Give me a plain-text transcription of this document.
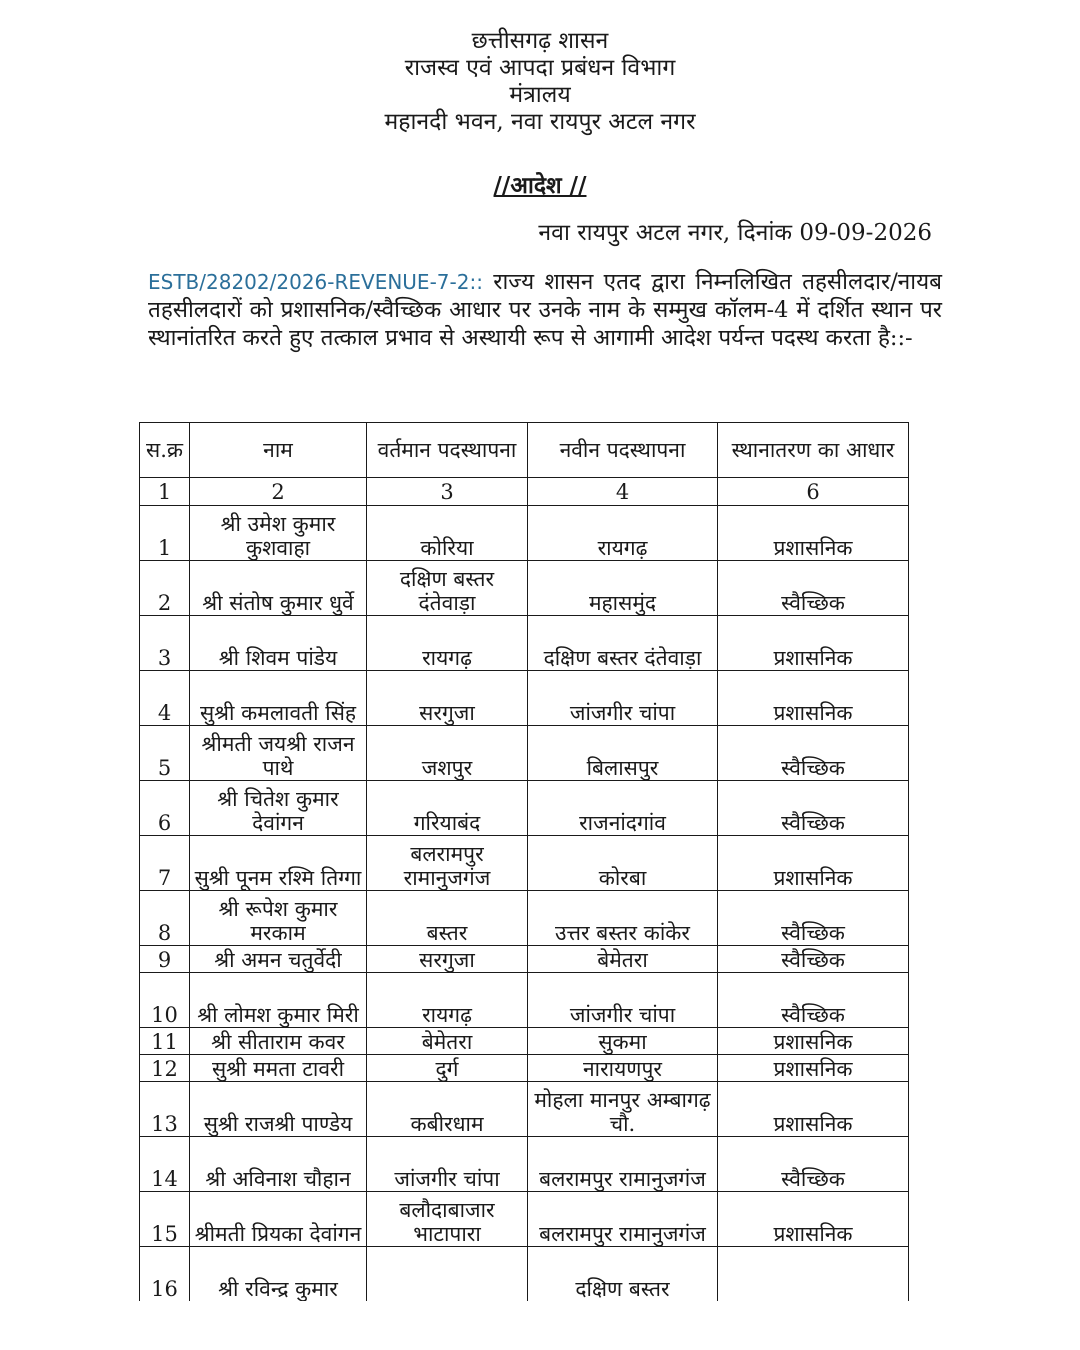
छत्तीसगढ़ शासन
राजस्व एवं आपदा प्रबंधन विभाग
मंत्रालय
महानदी भवन, नवा रायपुर अटल नगर
//आदेश //
नवा रायपुर अटल नगर, दिनांक 09-09-2026
ESTB/28202/2026-REVENUE-7-2:: राज्य शासन एतद द्वारा निम्नलिखित तहसीलदार/नायब तहसीलदारों को प्रशासनिक/स्वैच्छिक आधार पर उनके नाम के सम्मुख कॉलम-4 में दर्शित स्थान पर स्थानांतरित करते हुए तत्काल प्रभाव से अस्थायी रूप से आगामी आदेश पर्यन्त पदस्थ करता है::-
स.क्र	नाम	वर्तमान पदस्थापना	नवीन पदस्थापना	स्थानातरण का आधार
1	2	3	4	6
1	श्री उमेश कुमार कुशवाहा	कोरिया	रायगढ़	प्रशासनिक
2	श्री संतोष कुमार धुर्वे	दक्षिण बस्तर दंतेवाड़ा	महासमुंद	स्वैच्छिक
3	श्री शिवम पांडेय	रायगढ़	दक्षिण बस्तर दंतेवाड़ा	प्रशासनिक
4	सुश्री कमलावती सिंह	सरगुजा	जांजगीर चांपा	प्रशासनिक
5	श्रीमती जयश्री राजन पाथे	जशपुर	बिलासपुर	स्वैच्छिक
6	श्री चितेश कुमार देवांगन	गरियाबंद	राजनांदगांव	स्वैच्छिक
7	सुश्री पूनम रश्मि तिग्गा	बलरामपुर रामानुजगंज	कोरबा	प्रशासनिक
8	श्री रूपेश कुमार मरकाम	बस्तर	उत्तर बस्तर कांकेर	स्वैच्छिक
9	श्री अमन चतुर्वेदी	सरगुजा	बेमेतरा	स्वैच्छिक
10	श्री लोमश कुमार मिरी	रायगढ़	जांजगीर चांपा	स्वैच्छिक
11	श्री सीताराम कवर	बेमेतरा	सुकमा	प्रशासनिक
12	सुश्री ममता टावरी	दुर्ग	नारायणपुर	प्रशासनिक
13	सुश्री राजश्री पाण्डेय	कबीरधाम	मोहला मानपुर अम्बागढ़ चौ.	प्रशासनिक
14	श्री अविनाश चौहान	जांजगीर चांपा	बलरामपुर रामानुजगंज	स्वैच्छिक
15	श्रीमती प्रियका देवांगन	बलौदाबाजार भाटापारा	बलरामपुर रामानुजगंज	प्रशासनिक
16	श्री रविन्द्र कुमार		दक्षिण बस्तर	
